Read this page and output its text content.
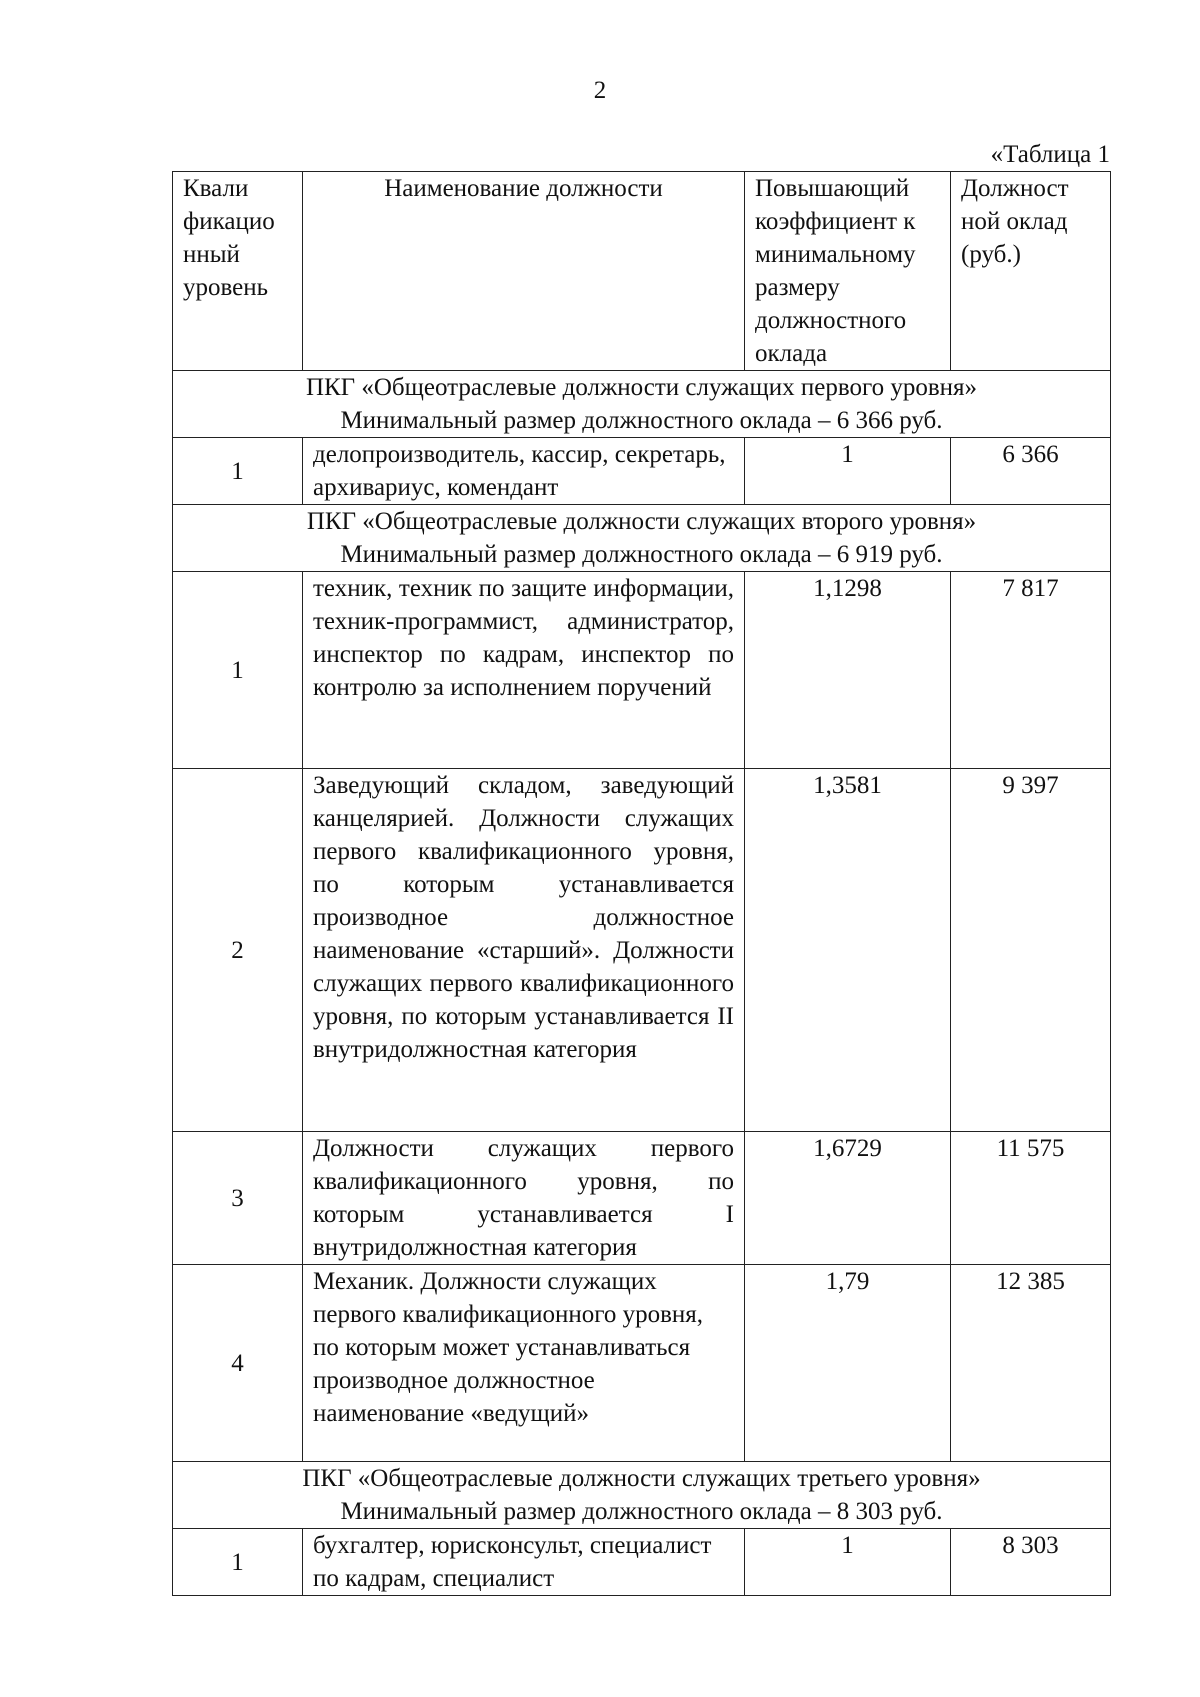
2
«Таблица 1
Квали фикацио нный уровень	Наименование должности	Повышающий коэффициент к минимальному размеру должностного оклада	Должност ной оклад (руб.)

ПКГ «Общеотраслевые должности служащих первого уровня»
Минимальный размер должностного оклада – 6 366 руб.			

1	делопроизводитель, кассир, секретарь, архивариус, комендант	1	6 366

ПКГ «Общеотраслевые должности служащих второго уровня»
Минимальный размер должностного оклада – 6 919 руб.			

1	техник, техник по защите информации, техник-программист, администратор, инспектор по кадрам, инспектор по контролю за исполнением поручений	1,1298	7 817
2	Заведующий складом, заведующий канцелярией. Должности служащих первого квалификационного уровня, по которым устанавливается производное должностное наименование «старший». Должности служащих первого квалификационного уровня, по которым устанавливается II внутридолжностная категория	1,3581	9 397
3	Должности служащих первого квалификационного уровня, по которым устанавливается I внутридолжностная категория	1,6729	11 575
4	Механик. Должности служащих первого квалификационного уровня, по которым может устанавливаться производное должностное наименование «ведущий»	1,79	12 385

ПКГ «Общеотраслевые должности служащих третьего уровня»
Минимальный размер должностного оклада – 8 303 руб.			

1	бухгалтер, юрисконсульт, специалист по кадрам, специалист	1	8 303
